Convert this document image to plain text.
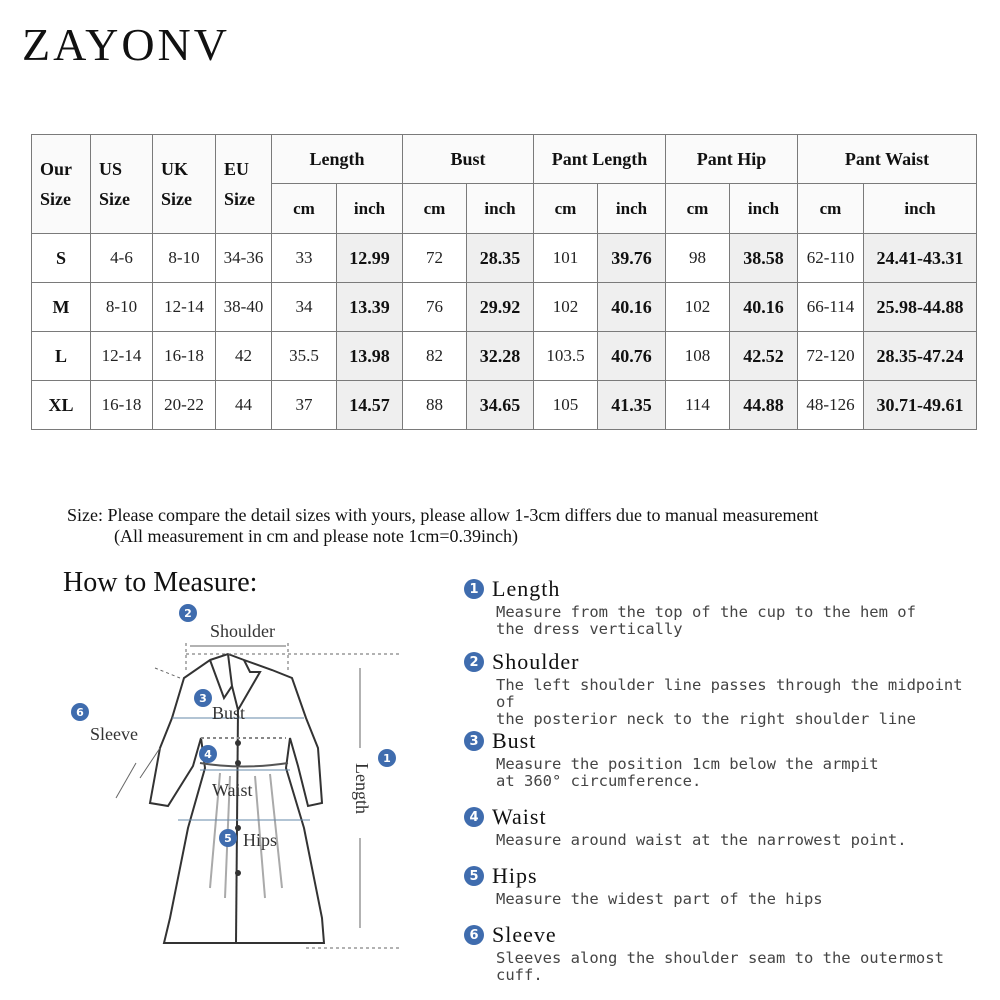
ZAYONV
Our Size	US Size	UK Size	EU Size	Length		Bust		Pant Length		Pant Hip		Pant Waist	
				cm	inch	cm	inch	cm	inch	cm	inch	cm	inch
S	4-6	8-10	34-36	33	12.99	72	28.35	101	39.76	98	38.58	62-110	24.41-43.31
M	8-10	12-14	38-40	34	13.39	76	29.92	102	40.16	102	40.16	66-114	25.98-44.88
L	12-14	16-18	42	35.5	13.98	82	32.28	103.5	40.76	108	42.52	72-120	28.35-47.24
XL	16-18	20-22	44	37	14.57	88	34.65	105	41.35	114	44.88	48-126	30.71-49.61
Size: Please compare the detail sizes with yours, please allow 1-3cm differs due to manual measurement
(All measurement in cm and please note 1cm=0.39inch)
How to Measure:
2
3
4
5
6
1
Shoulder
Bust
Waist
Hips
Sleeve
Length
1 Length
Measure from the top of the cup to the hem of
the dress vertically
2 Shoulder
The left shoulder line passes through the midpoint of
the posterior neck to the right shoulder line
3 Bust
Measure the position 1cm below the armpit
at 360° circumference.
4 Waist
Measure around waist at the narrowest point.
5 Hips
Measure the widest part of the hips
6 Sleeve
Sleeves along the shoulder seam to the outermost cuff.
